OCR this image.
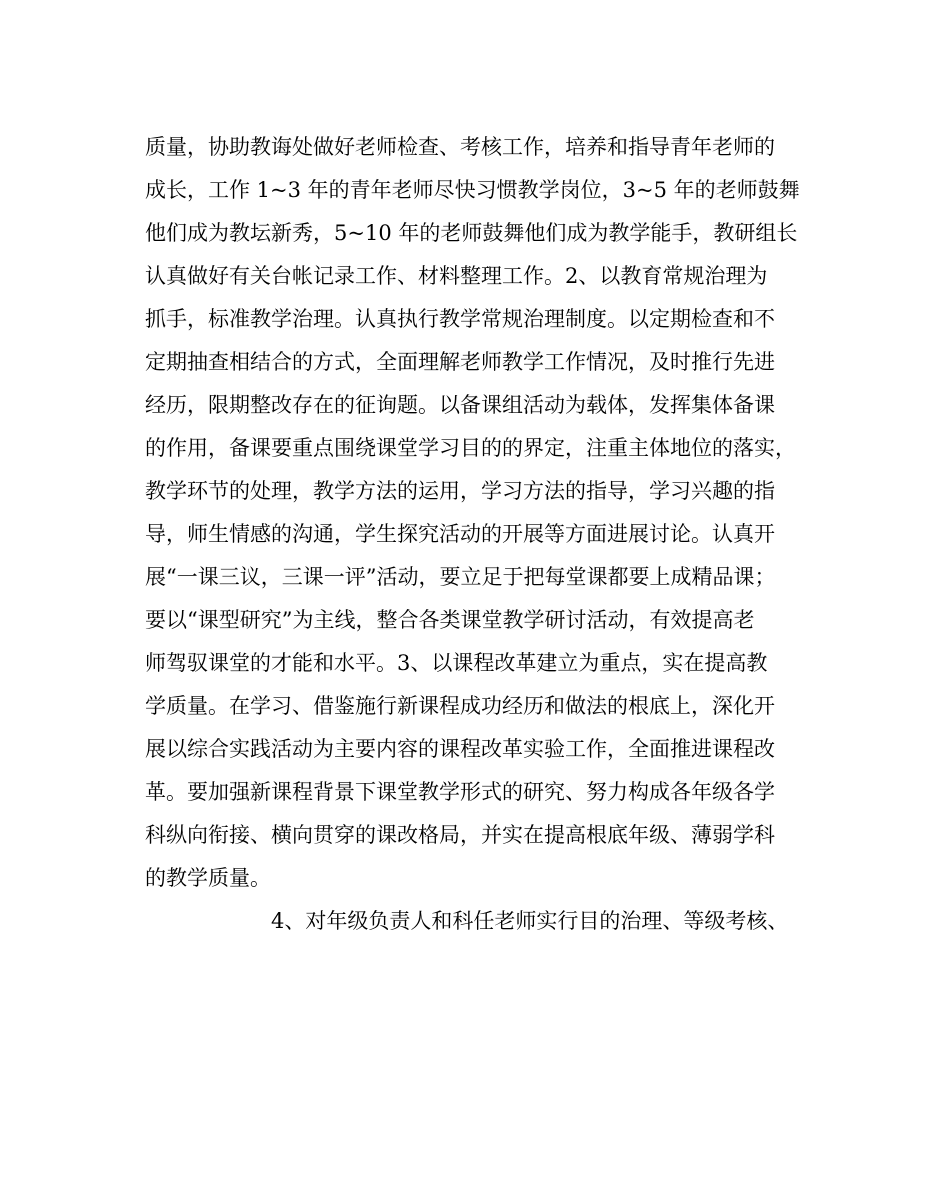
质量，协助教诲处做好老师检查、考核工作，培养和指导青年老师的
成长，工作 1~3 年的青年老师尽快习惯教学岗位，3~5 年的老师鼓舞
他们成为教坛新秀，5~10 年的老师鼓舞他们成为教学能手，教研组长
认真做好有关台帐记录工作、材料整理工作。2、以教育常规治理为
抓手，标准教学治理。认真执行教学常规治理制度。以定期检查和不
定期抽查相结合的方式，全面理解老师教学工作情况，及时推行先进
经历，限期整改存在的征询题。以备课组活动为载体，发挥集体备课
的作用，备课要重点围绕课堂学习目的的界定，注重主体地位的落实，
教学环节的处理，教学方法的运用，学习方法的指导，学习兴趣的指
导，师生情感的沟通，学生探究活动的开展等方面进展讨论。认真开
展“一课三议，三课一评”活动，要立足于把每堂课都要上成精品课；
要以“课型研究”为主线，整合各类课堂教学研讨活动，有效提高老
师驾驭课堂的才能和水平。3、以课程改革建立为重点，实在提高教
学质量。在学习、借鉴施行新课程成功经历和做法的根底上，深化开
展以综合实践活动为主要内容的课程改革实验工作，全面推进课程改
革。要加强新课程背景下课堂教学形式的研究、努力构成各年级各学
科纵向衔接、横向贯穿的课改格局，并实在提高根底年级、薄弱学科
的教学质量。
4、对年级负责人和科任老师实行目的治理、等级考核、
